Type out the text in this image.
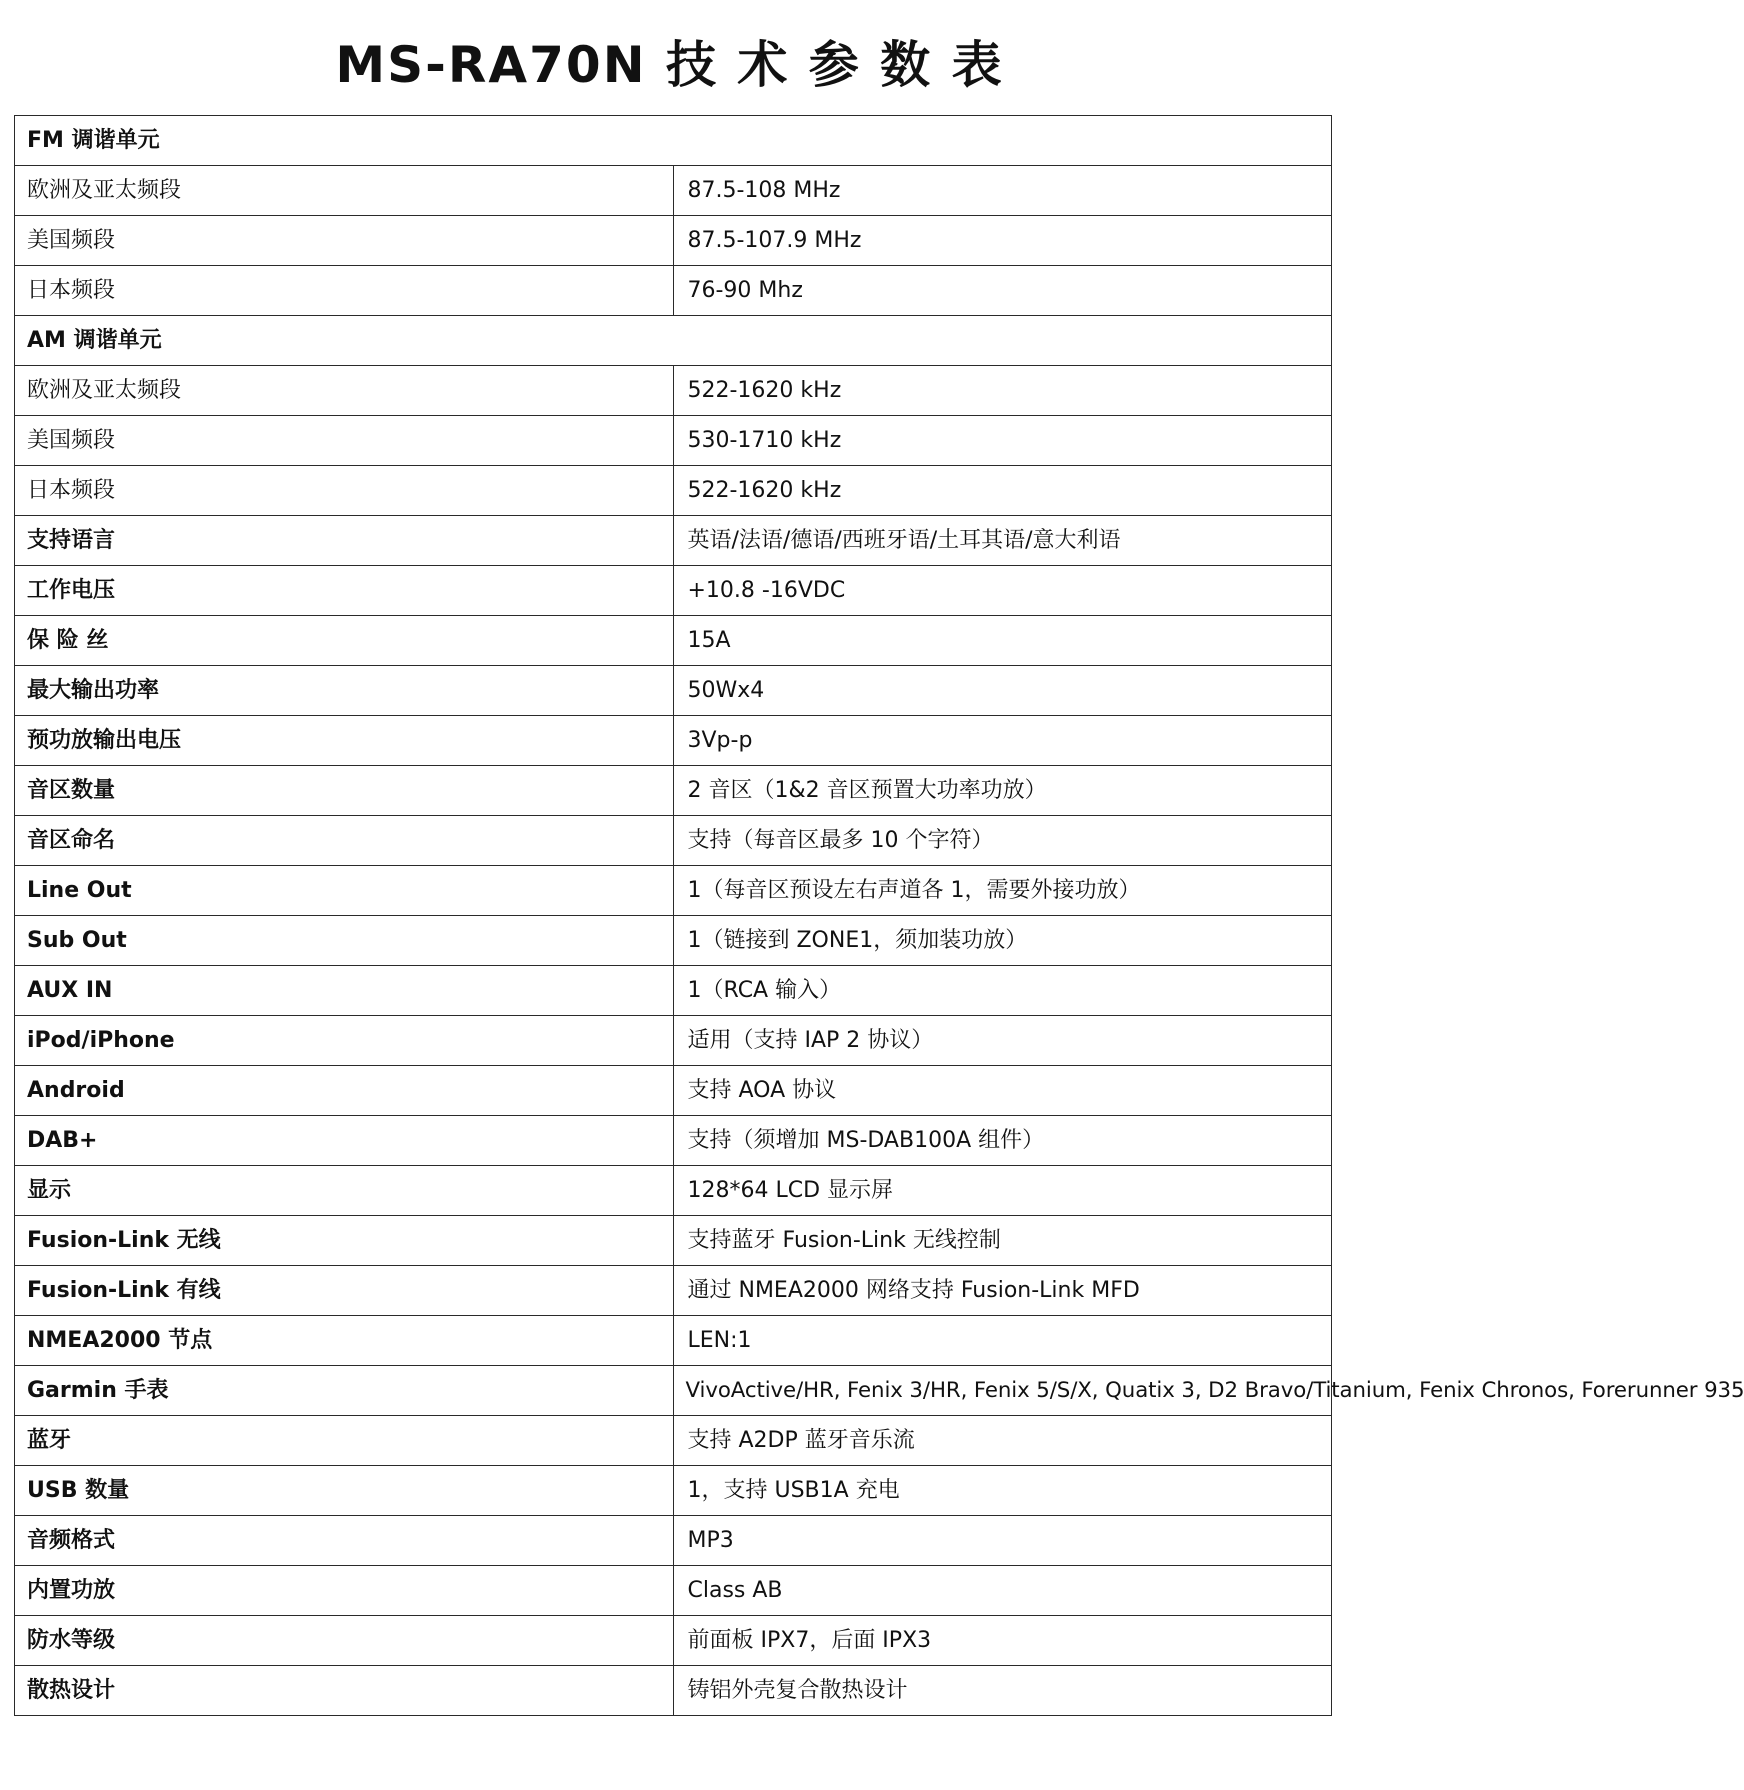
MS-RA70N 技 术 参 数 表
FM 调谐单元	
欧洲及亚太频段	87.5-108 MHz
美国频段	87.5-107.9 MHz
日本频段	76-90 Mhz
AM 调谐单元	
欧洲及亚太频段	522-1620 kHz
美国频段	530-1710 kHz
日本频段	522-1620 kHz
支持语言	英语/法语/德语/西班牙语/土耳其语/意大利语
工作电压	+10.8 -16VDC
保 险 丝	15A
最大输出功率	50Wx4
预功放输出电压	3Vp-p
音区数量	2 音区（1&2 音区预置大功率功放）
音区命名	支持（每音区最多 10 个字符）
Line Out	1（每音区预设左右声道各 1，需要外接功放）
Sub Out	1（链接到 ZONE1，须加装功放）
AUX IN	1（RCA 输入）
iPod/iPhone	适用（支持 IAP 2 协议）
Android	支持 AOA 协议
DAB+	支持（须增加 MS-DAB100A 组件）
显示	128*64 LCD 显示屏
Fusion-Link 无线	支持蓝牙 Fusion-Link 无线控制
Fusion-Link 有线	通过 NMEA2000 网络支持 Fusion-Link MFD
NMEA2000 节点	LEN:1
Garmin 手表	VivoActive/HR, Fenix 3/HR, Fenix 5/S/X, Quatix 3, D2 Bravo/Titanium, Fenix Chronos, Forerunner 935
蓝牙	支持 A2DP 蓝牙音乐流
USB 数量	1，支持 USB1A 充电
音频格式	MP3
内置功放	Class AB
防水等级	前面板 IPX7，后面 IPX3
散热设计	铸铝外壳复合散热设计
